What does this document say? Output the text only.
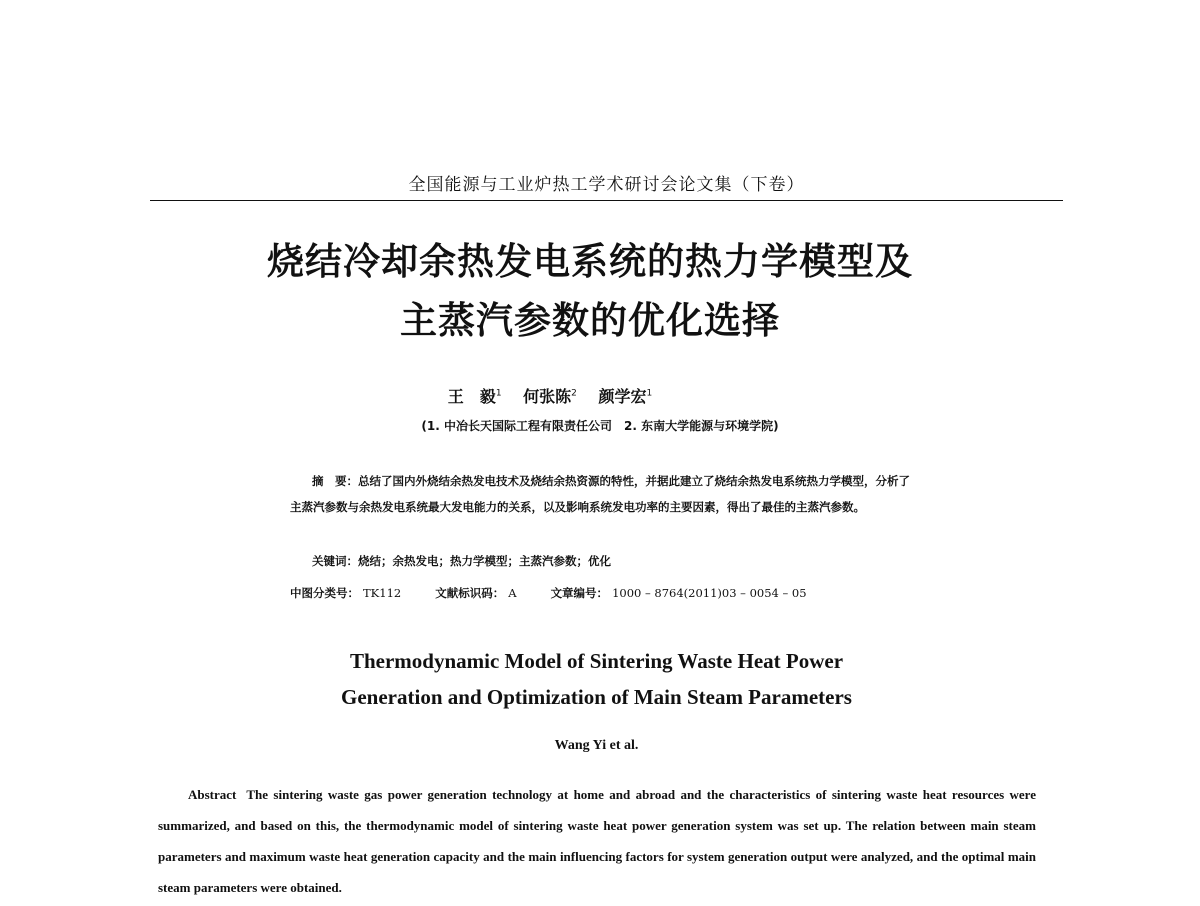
全国能源与工业炉热工学术研讨会论文集（下卷）
烧结冷却余热发电系统的热力学模型及
主蒸汽参数的优化选择
王　毅$^1$ 何张陈$^2$ 颜学宏$^1$
(1. 中冶长天国际工程有限责任公司　2. 东南大学能源与环境学院)
摘　要：总结了国内外烧结余热发电技术及烧结余热资源的特性，并据此建立了烧结余热发电系统热力学模型，分析了主蒸汽参数与余热发电系统最大发电能力的关系，以及影响系统发电功率的主要因素，得出了最佳的主蒸汽参数。
关键词：烧结；余热发电；热力学模型；主蒸汽参数；优化
中图分类号： TK112	文献标识码： A	文章编号： 1000 – 8764(2011)03 – 0054 – 05
Thermodynamic Model of Sintering Waste Heat Power
Generation and Optimization of Main Steam Parameters
Wang Yi et al.
Abstract The sintering waste gas power generation technology at home and abroad and the characteristics of sintering waste heat resources were summarized, and based on this, the thermodynamic model of sintering waste heat power generation system was set up. The relation between main steam parameters and maximum waste heat generation capacity and the main influencing factors for system generation output were analyzed, and the optimal main steam parameters were obtained.
